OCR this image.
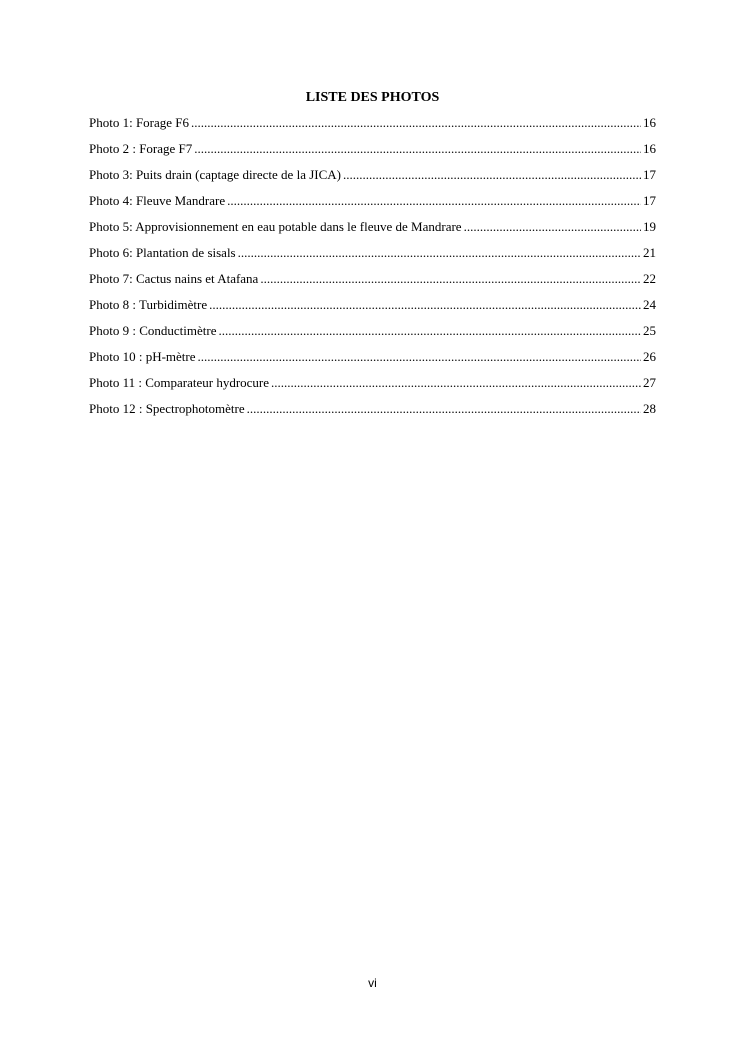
LISTE DES PHOTOS
Photo 1: Forage F6 .....	16
Photo 2 : Forage F7 .....	16
Photo 3: Puits drain (captage directe de la JICA) .....	17
Photo 4: Fleuve Mandrare .....	17
Photo 5: Approvisionnement en eau potable dans le fleuve de Mandrare .....	19
Photo 6: Plantation de sisals .....	21
Photo 7: Cactus nains et Atafana .....	22
Photo 8 : Turbidimètre .....	24
Photo 9 : Conductimètre .....	25
Photo 10 : pH-mètre .....	26
Photo 11 : Comparateur hydrocure .....	27
Photo 12 : Spectrophotomètre .....	28
vi
